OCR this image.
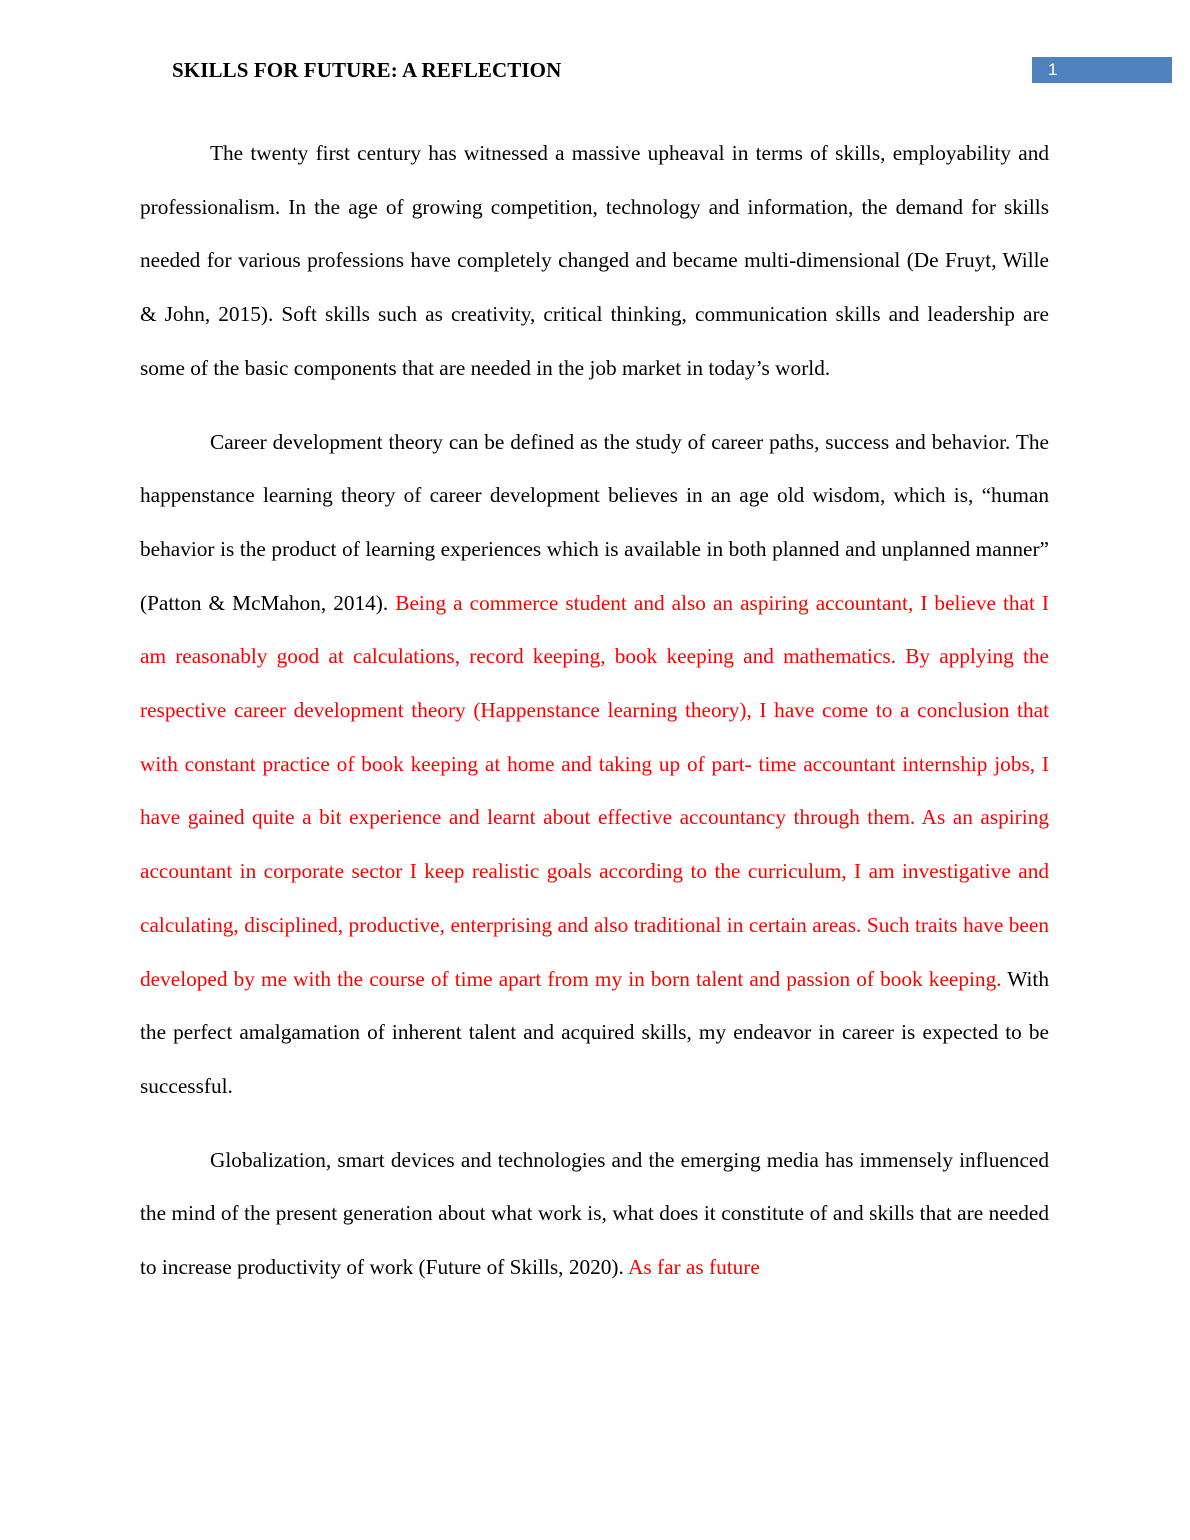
SKILLS FOR FUTURE: A REFLECTION	1

The twenty first century has witnessed a massive upheaval in terms of skills, employability and professionalism. In the age of growing competition, technology and information, the demand for skills needed for various professions have completely changed and became multi-dimensional (De Fruyt, Wille & John, 2015). Soft skills such as creativity, critical thinking, communication skills and leadership are some of the basic components that are needed in the job market in today’s world.

Career development theory can be defined as the study of career paths, success and behavior. The happenstance learning theory of career development believes in an age old wisdom, which is, “human behavior is the product of learning experiences which is available in both planned and unplanned manner” (Patton & McMahon, 2014). Being a commerce student and also an aspiring accountant, I believe that I am reasonably good at calculations, record keeping, book keeping and mathematics. By applying the respective career development theory (Happenstance learning theory), I have come to a conclusion that with constant practice of book keeping at home and taking up of part- time accountant internship jobs, I have gained quite a bit experience and learnt about effective accountancy through them. As an aspiring accountant in corporate sector I keep realistic goals according to the curriculum, I am investigative and calculating, disciplined, productive, enterprising and also traditional in certain areas. Such traits have been developed by me with the course of time apart from my in born talent and passion of book keeping. With the perfect amalgamation of inherent talent and acquired skills, my endeavor in career is expected to be successful.

Globalization, smart devices and technologies and the emerging media has immensely influenced the mind of the present generation about what work is, what does it constitute of and skills that are needed to increase productivity of work (Future of Skills, 2020). As far as future
